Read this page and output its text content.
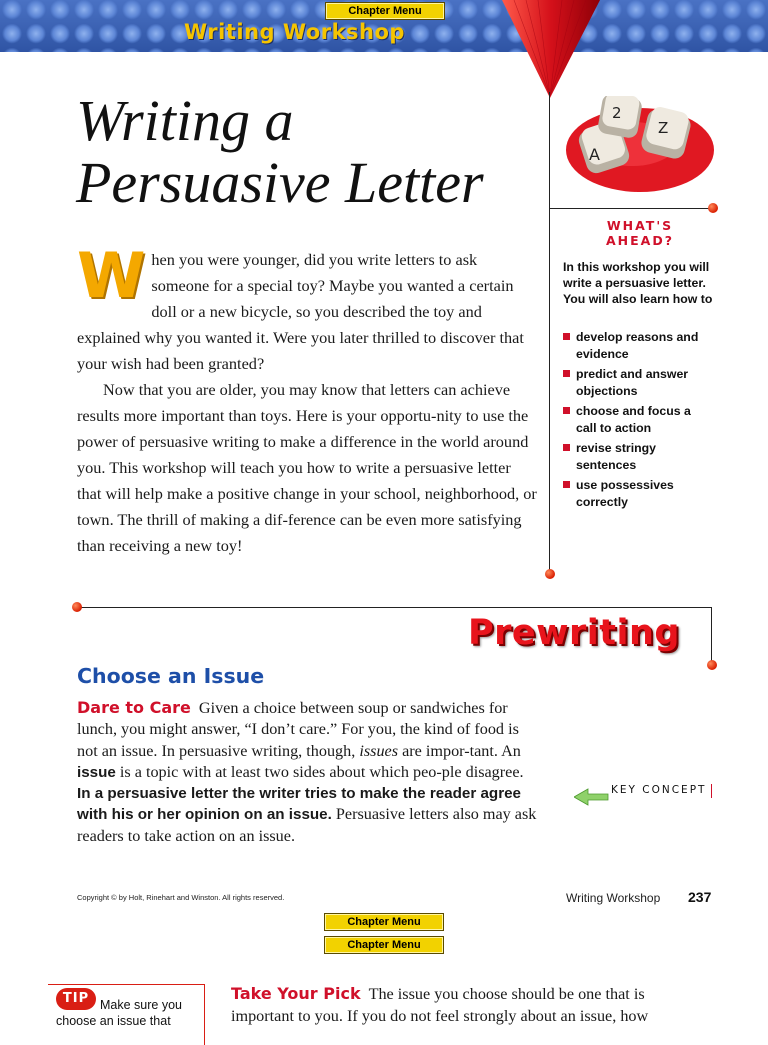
Chapter Menu
Writing Workshop
Writing a
Persuasive Letter

When you were younger, did you write letters to ask someone for a special toy? Maybe you wanted a certain doll or a new bicycle, so you described the toy and explained why you wanted it. Were you later thrilled to discover that your wish had been granted?

Now that you are older, you may know that letters can achieve results more important than toys. Here is your opportu-nity to use the power of persuasive writing to make a difference in the world around you. This workshop will teach you how to write a persuasive letter that will help make a positive change in your school, neighborhood, or town. The thrill of making a dif-ference can be even more satisfying than receiving a new toy!

A
2
Z
WHAT'S
AHEAD?

In this workshop you will write a persuasive letter. You will also learn how to

develop reasons and evidence
predict and answer objections
choose and focus a call to action
revise stringy sentences
use possessives correctly
Prewriting
Choose an Issue

Dare to Care Given a choice between soup or sandwiches for lunch, you might answer, “I don’t care.” For you, the kind of food is not an issue. In persuasive writing, though, issues are impor-tant. An issue is a topic with at least two sides about which peo-ple disagree. In a persuasive letter the writer tries to make the reader agree with his or her opinion on an issue. Persuasive letters also may ask readers to take action on an issue.

KEY CONCEPT
Copyright © by Holt, Rinehart and Winston. All rights reserved.	Writing Workshop 237
Chapter Menu
Chapter Menu

Make sure you choose an issue that

TIP	Take Your Pick The issue you choose should be one that is important to you. If you do not feel strongly about an issue, how
